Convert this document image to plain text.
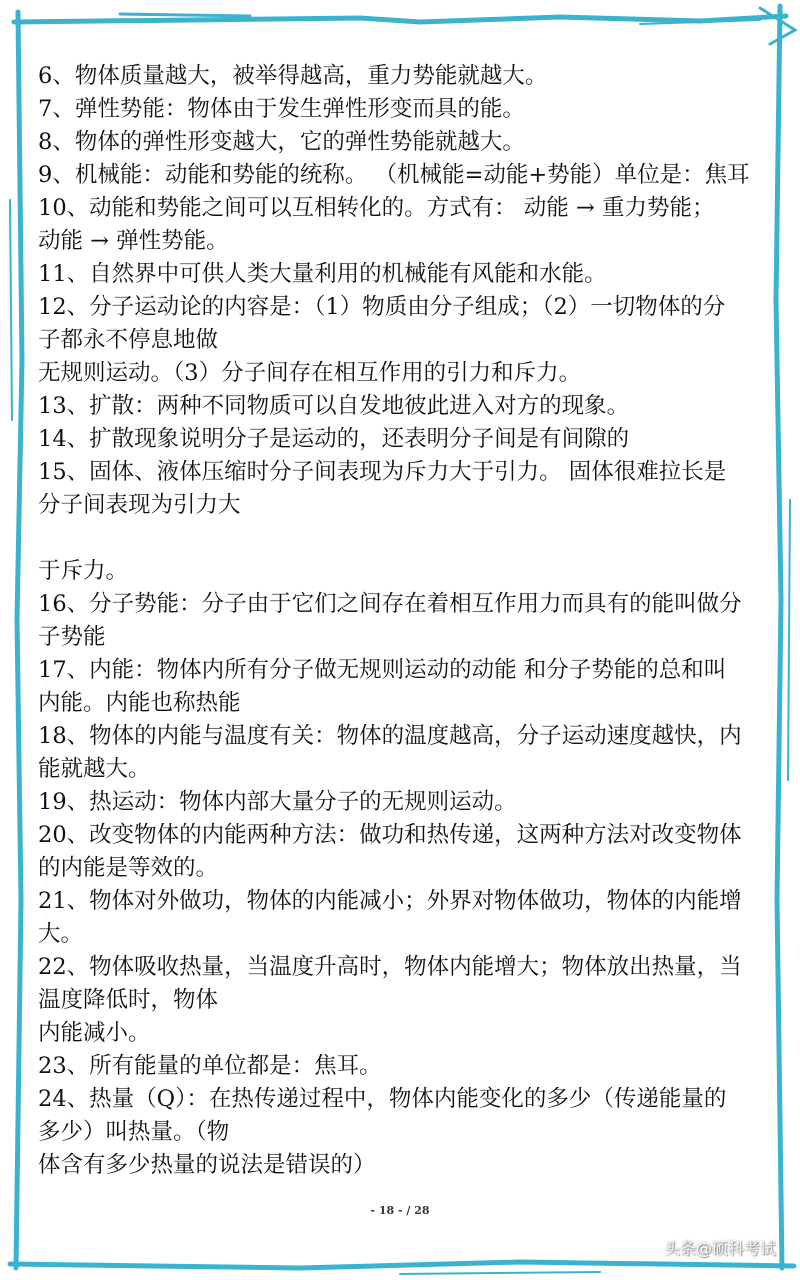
6、物体质量越大，被举得越高，重力势能就越大。
7、弹性势能：物体由于发生弹性形变而具的能。
8、物体的弹性形变越大，它的弹性势能就越大。
9、机械能：动能和势能的统称。 （机械能=动能+势能）单位是：焦耳
10、动能和势能之间可以互相转化的。方式有： 动能 → 重力势能；
动能 → 弹性势能。
11、自然界中可供人类大量利用的机械能有风能和水能。
12、分子运动论的内容是：（1）物质由分子组成；（2）一切物体的分
子都永不停息地做
无规则运动。（3）分子间存在相互作用的引力和斥力。
13、扩散：两种不同物质可以自发地彼此进入对方的现象。
14、扩散现象说明分子是运动的，还表明分子间是有间隙的
15、固体、液体压缩时分子间表现为斥力大于引力。 固体很难拉长是
分子间表现为引力大
于斥力。
16、分子势能：分子由于它们之间存在着相互作用力而具有的能叫做分
子势能
17、内能：物体内所有分子做无规则运动的动能 和分子势能的总和叫
内能。内能也称热能
18、物体的内能与温度有关：物体的温度越高，分子运动速度越快，内
能就越大。
19、热运动：物体内部大量分子的无规则运动。
20、改变物体的内能两种方法：做功和热传递，这两种方法对改变物体
的内能是等效的。
21、物体对外做功，物体的内能减小；外界对物体做功，物体的内能增
大。
22、物体吸收热量，当温度升高时，物体内能增大；物体放出热量，当
温度降低时，物体
内能减小。
23、所有能量的单位都是：焦耳。
24、热量（Q）：在热传递过程中，物体内能变化的多少（传递能量的
多少）叫热量。（物
体含有多少热量的说法是错误的）
- 18 - / 28
头条@硕科考试
